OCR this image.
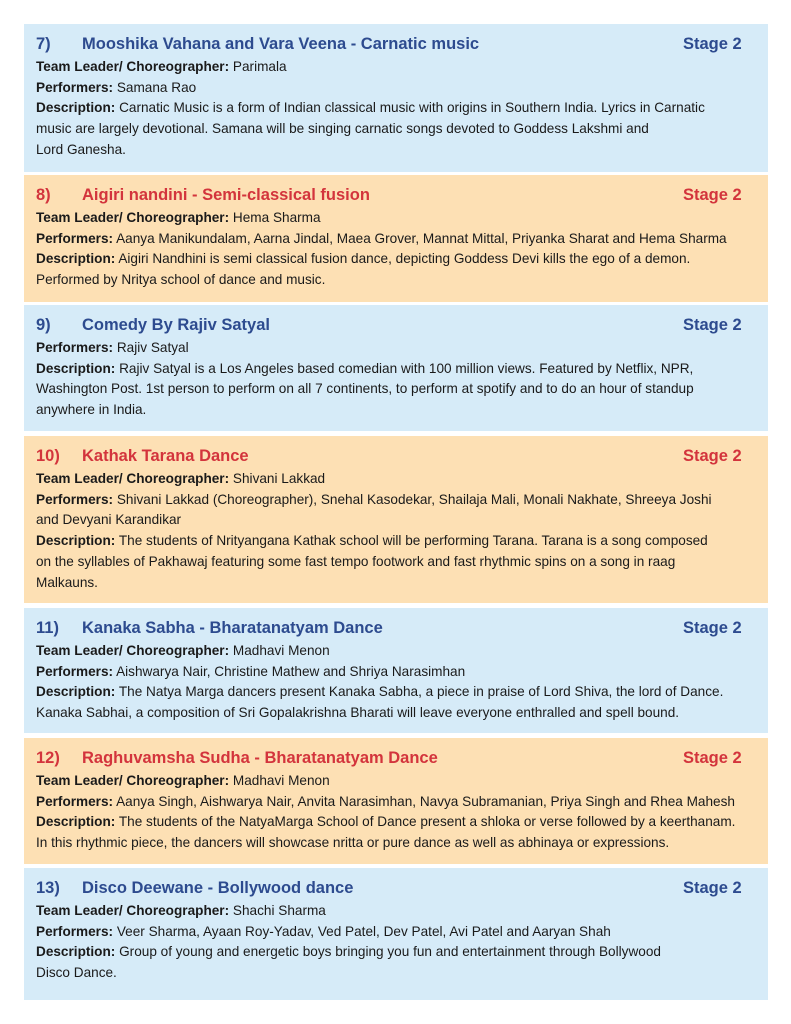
7)	Mooshika Vahana and Vara Veena - Carnatic music	Stage 2
Team Leader/ Choreographer: Parimala
Performers: Samana Rao
Description: Carnatic Music is a form of Indian classical music with origins in Southern India. Lyrics in Carnatic
music are largely devotional. Samana will be singing carnatic songs devoted to Goddess Lakshmi and
Lord Ganesha.
8)	Aigiri nandini - Semi-classical fusion	Stage 2
Team Leader/ Choreographer: Hema Sharma
Performers: Aanya Manikundalam, Aarna Jindal, Maea Grover, Mannat Mittal, Priyanka Sharat and Hema Sharma
Description: Aigiri Nandhini is semi classical fusion dance, depicting Goddess Devi kills the ego of a demon.
Performed by Nritya school of dance and music.
9)	Comedy By Rajiv Satyal	Stage 2
Performers: Rajiv Satyal
Description: Rajiv Satyal is a Los Angeles based comedian with 100 million views. Featured by Netflix, NPR,
Washington Post. 1st person to perform on all 7 continents, to perform at spotify and to do an hour of standup
anywhere in India.
10)	Kathak Tarana Dance	Stage 2
Team Leader/ Choreographer: Shivani Lakkad
Performers: Shivani Lakkad (Choreographer), Snehal Kasodekar, Shailaja Mali, Monali Nakhate, Shreeya Joshi
and Devyani Karandikar
Description: The students of Nrityangana Kathak school will be performing Tarana. Tarana is a song composed
on the syllables of Pakhawaj featuring some fast tempo footwork and fast rhythmic spins on a song in raag
Malkauns.
11)	Kanaka Sabha - Bharatanatyam Dance	Stage 2
Team Leader/ Choreographer: Madhavi Menon
Performers: Aishwarya Nair, Christine Mathew and Shriya Narasimhan
Description: The Natya Marga dancers present Kanaka Sabha, a piece in praise of Lord Shiva, the lord of Dance.
Kanaka Sabhai, a composition of Sri Gopalakrishna Bharati will leave everyone enthralled and spell bound.
12)	Raghuvamsha Sudha - Bharatanatyam Dance	Stage 2
Team Leader/ Choreographer: Madhavi Menon
Performers: Aanya Singh, Aishwarya Nair, Anvita Narasimhan, Navya Subramanian, Priya Singh and Rhea Mahesh
Description: The students of the NatyaMarga School of Dance present a shloka or verse followed by a keerthanam.
In this rhythmic piece, the dancers will showcase nritta or pure dance as well as abhinaya or expressions.
13)	Disco Deewane - Bollywood dance	Stage 2
Team Leader/ Choreographer: Shachi Sharma
Performers: Veer Sharma, Ayaan Roy-Yadav, Ved Patel, Dev Patel, Avi Patel and Aaryan Shah
Description: Group of young and energetic boys bringing you fun and entertainment through Bollywood
Disco Dance.
